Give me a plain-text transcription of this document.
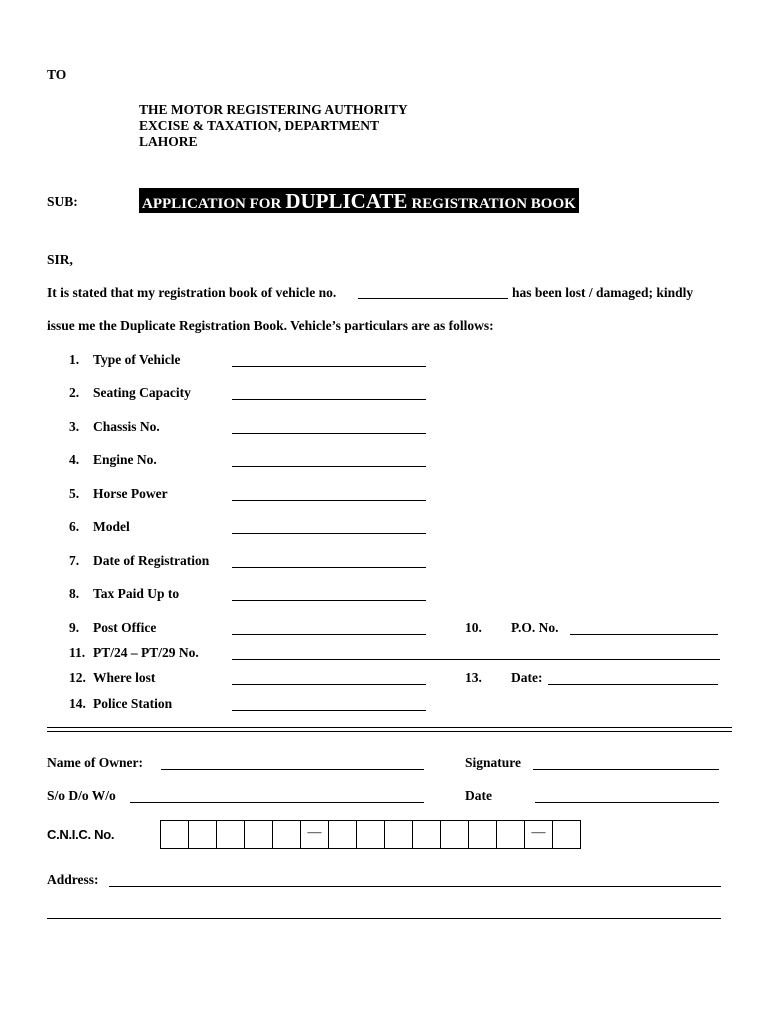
TO
THE MOTOR REGISTERING AUTHORITY
EXCISE & TAXATION, DEPARTMENT
LAHORE
SUB:	APPLICATION FOR DUPLICATE REGISTRATION BOOK
SIR,
It is stated that my registration book of vehicle no.	has been lost / damaged; kindly
issue me the Duplicate Registration Book. Vehicle’s particulars are as follows:
1. Type of Vehicle
2. Seating Capacity
3. Chassis No.
4. Engine No.
5. Horse Power
6. Model
7. Date of Registration
8. Tax Paid Up to
9. Post Office	10. P.O. No.
11. PT/24 – PT/29 No.
12. Where lost	13. Date:
14. Police Station
Name of Owner:	Signature
S/o D/o W/o	Date
C.N.I.C. No.	—	—
Address:
